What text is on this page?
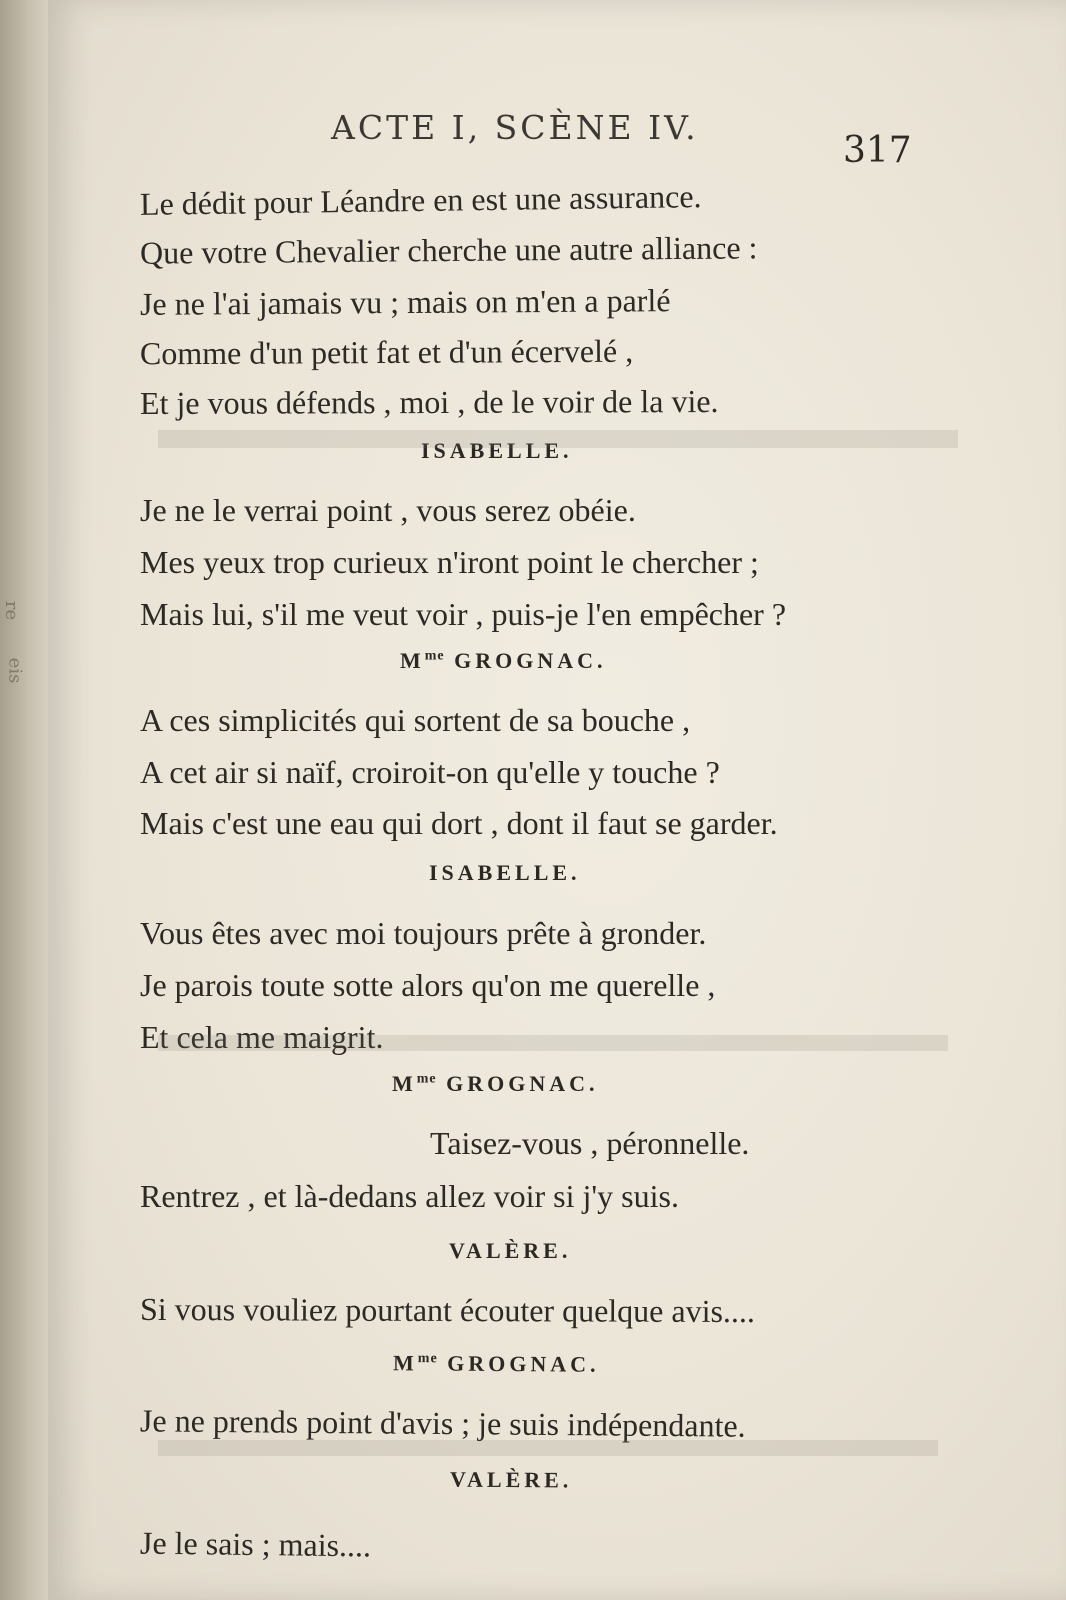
re
eis
ACTE I, SCÈNE IV.
317
Le dédit pour Léandre en est une assurance.
Que votre Chevalier cherche une autre alliance :
Je ne l'ai jamais vu ; mais on m'en a parlé
Comme d'un petit fat et d'un écervelé ,
Et je vous défends , moi , de le voir de la vie.
ISABELLE.
Je ne le verrai point , vous serez obéie.
Mes yeux trop curieux n'iront point le chercher ;
Mais lui, s'il me veut voir , puis-je l'en empêcher ?
$M^{me}$ GROGNAC.
A ces simplicités qui sortent de sa bouche ,
A cet air si naïf, croiroit-on qu'elle y touche ?
Mais c'est une eau qui dort , dont il faut se garder.
ISABELLE.
Vous êtes avec moi toujours prête à gronder.
Je parois toute sotte alors qu'on me querelle ,
Et cela me maigrit.
$M^{me}$ GROGNAC.
Taisez-vous , péronnelle.
Rentrez , et là-dedans allez voir si j'y suis.
VALÈRE.
Si vous vouliez pourtant écouter quelque avis....
$M^{me}$ GROGNAC.
Je ne prends point d'avis ; je suis indépendante.
VALÈRE.
Je le sais ; mais....
